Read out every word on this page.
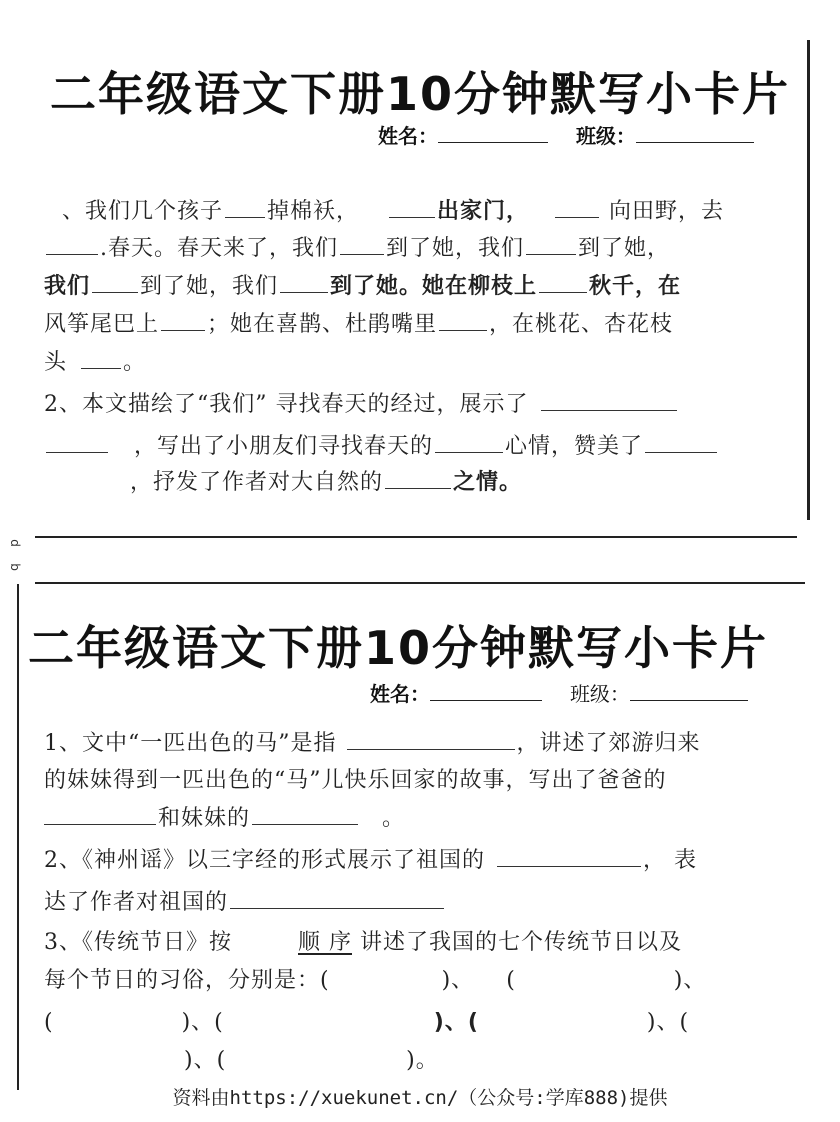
二年级语文下册10分钟默写小卡片
姓名：	班级：
、我们几个孩子 掉棉袄，	出家门，	向田野，去
.春天。春天来了，我们 到了她，我们 到了她，
我们 到了她，我们 到了她。她在柳枝上 秋千，在
风筝尾巴上 ；她在喜鹊、杜鹃嘴里 ，在桃花、杏花枝
头	。
2、本文描绘了“我们” 寻找春天的经过，展示了
，写出了小朋友们寻找春天的	心情，赞美了
，抒发了作者对大自然的	之情。
d
b
二年级语文下册10分钟默写小卡片
姓名：	班级：
1、文中“一匹出色的马”是指	，讲述了郊游归来
的妹妹得到一匹出色的“马”儿快乐回家的故事，写出了爸爸的
和妹妹的	。
2、《神州谣》以三字经的形式展示了祖国的	， 表
达了作者对祖国的
3、《传统节日》按	顺 序 讲述了我国的七个传统节日以及
每个节日的习俗，分别是：(	)、 (	)、
(	)、(	)、(	)、(
)、(	)。
资料由https://xuekunet.cn/（公众号:学库888)提供
